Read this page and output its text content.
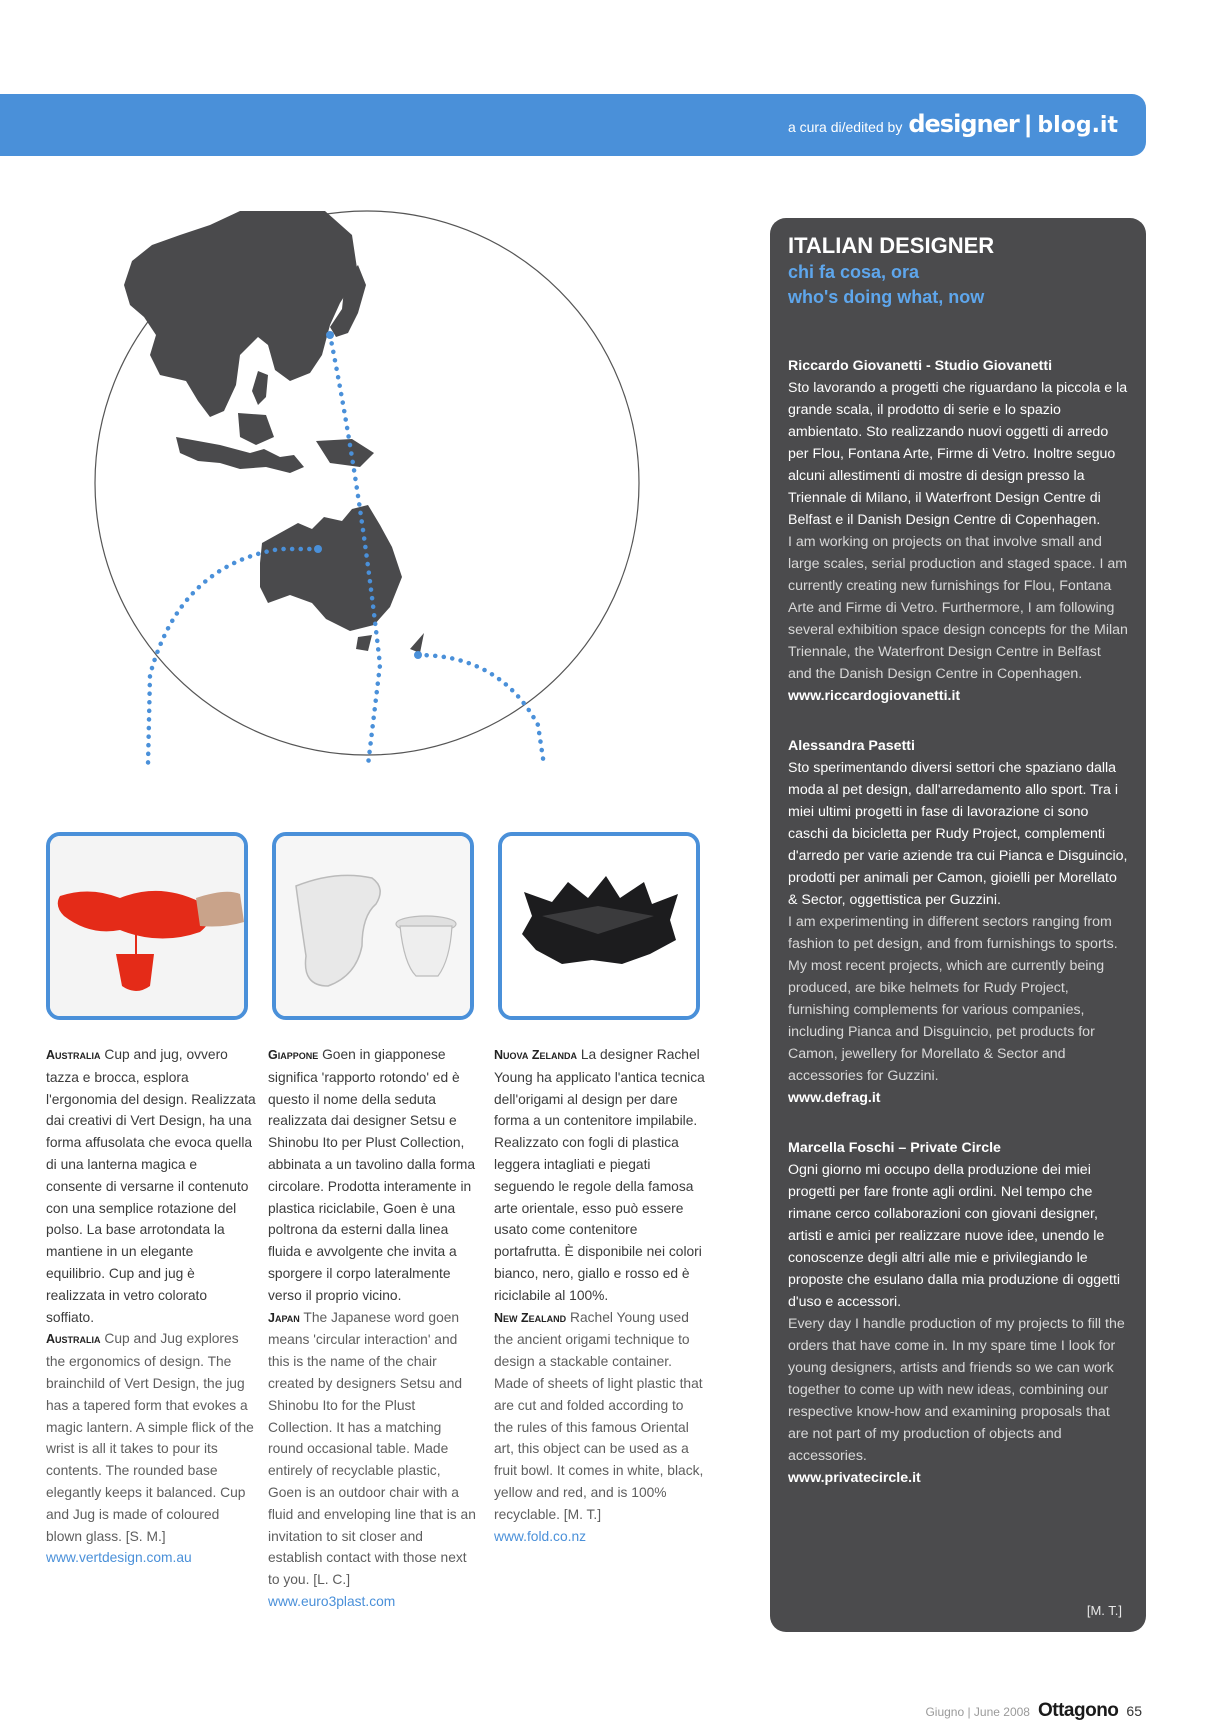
a cura di/edited by designer | blog.it

Australia Cup and jug, ovvero tazza e brocca, esplora l'ergonomia del design. Realizzata dai creativi di Vert Design, ha una forma affusolata che evoca quella di una lanterna magica e consente di versarne il contenuto con una semplice rotazione del polso. La base arrotondata la mantiene in un elegante equilibrio. Cup and jug è realizzata in vetro colorato soffiato.

Australia Cup and Jug explores the ergonomics of design. The brainchild of Vert Design, the jug has a tapered form that evokes a magic lantern. A simple flick of the wrist is all it takes to pour its contents. The rounded base elegantly keeps it balanced. Cup and Jug is made of coloured blown glass. [S. M.]

www.vertdesign.com.au

Giappone Goen in giapponese significa 'rapporto rotondo' ed è questo il nome della seduta realizzata dai designer Setsu e Shinobu Ito per Plust Collection, abbinata a un tavolino dalla forma circolare. Prodotta interamente in plastica riciclabile, Goen è una poltrona da esterni dalla linea fluida e avvolgente che invita a sporgere il corpo lateralmente verso il proprio vicino.

Japan The Japanese word goen means 'circular interaction' and this is the name of the chair created by designers Setsu and Shinobu Ito for the Plust Collection. It has a matching round occasional table. Made entirely of recyclable plastic, Goen is an outdoor chair with a fluid and enveloping line that is an invitation to sit closer and establish contact with those next to you. [L. C.]

www.euro3plast.com

Nuova Zelanda La designer Rachel Young ha applicato l'antica tecnica dell'origami al design per dare forma a un contenitore impilabile. Realizzato con fogli di plastica leggera intagliati e piegati seguendo le regole della famosa arte orientale, esso può essere usato come contenitore portafrutta. È disponibile nei colori bianco, nero, giallo e rosso ed è riciclabile al 100%.

New Zealand Rachel Young used the ancient origami technique to design a stackable container. Made of sheets of light plastic that are cut and folded according to the rules of this famous Oriental art, this object can be used as a fruit bowl. It comes in white, black, yellow and red, and is 100% recyclable. [M. T.]

www.fold.co.nz

ITALIAN DESIGNER

chi fa cosa, ora

who's doing what, now

Riccardo Giovanetti - Studio Giovanetti

Sto lavorando a progetti che riguardano la piccola e la grande scala, il prodotto di serie e lo spazio ambientato. Sto realizzando nuovi oggetti di arredo per Flou, Fontana Arte, Firme di Vetro. Inoltre seguo alcuni allestimenti di mostre di design presso la Triennale di Milano, il Waterfront Design Centre di Belfast e il Danish Design Centre di Copenhagen.

I am working on projects on that involve small and large scales, serial production and staged space. I am currently creating new furnishings for Flou, Fontana Arte and Firme di Vetro. Furthermore, I am following several exhibition space design concepts for the Milan Triennale, the Waterfront Design Centre in Belfast and the Danish Design Centre in Copenhagen.

www.riccardogiovanetti.it

Alessandra Pasetti

Sto sperimentando diversi settori che spaziano dalla moda al pet design, dall'arredamento allo sport. Tra i miei ultimi progetti in fase di lavorazione ci sono caschi da bicicletta per Rudy Project, complementi d'arredo per varie aziende tra cui Pianca e Disguincio, prodotti per animali per Camon, gioielli per Morellato & Sector, oggettistica per Guzzini.

I am experimenting in different sectors ranging from fashion to pet design, and from furnishings to sports. My most recent projects, which are currently being produced, are bike helmets for Rudy Project, furnishing complements for various companies, including Pianca and Disguincio, pet products for Camon, jewellery for Morellato & Sector and accessories for Guzzini.

www.defrag.it

Marcella Foschi – Private Circle

Ogni giorno mi occupo della produzione dei miei progetti per fare fronte agli ordini. Nel tempo che rimane cerco collaborazioni con giovani designer, artisti e amici per realizzare nuove idee, unendo le conoscenze degli altri alle mie e privilegiando le proposte che esulano dalla mia produzione di oggetti d'uso e accessori.

Every day I handle production of my projects to fill the orders that have come in. In my spare time I look for young designers, artists and friends so we can work together to come up with new ideas, combining our respective know-how and examining proposals that are not part of my production of objects and accessories.

www.privatecircle.it

[M. T.]
Giugno | June 2008 Ottagono 65
